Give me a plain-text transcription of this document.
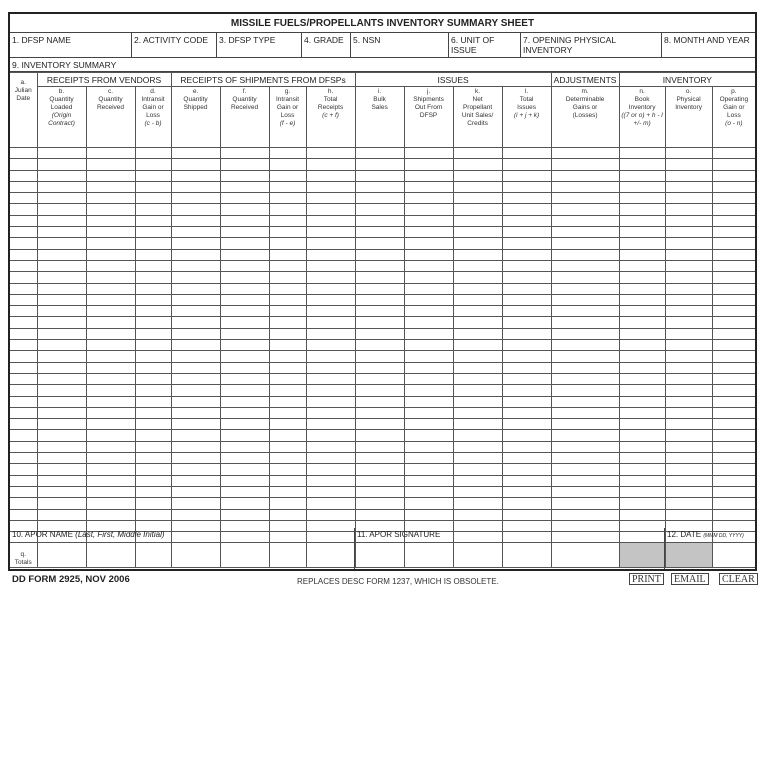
MISSILE FUELS/PROPELLANTS INVENTORY SUMMARY SHEET
1. DFSP NAME	2. ACTIVITY CODE	3. DFSP TYPE	4. GRADE	5. NSN	6. UNIT OF ISSUE
7. OPENING PHYSICAL INVENTORY
8. MONTH AND YEAR
9. INVENTORY SUMMARY
a.
Julian
Date	RECEIPTS FROM VENDORS			RECEIPTS OF SHIPMENTS FROM DFSPs				ISSUES				ADJUSTMENTS	INVENTORY		

	b.
Quantity
Loaded
(Origin Contract)	c.
Quantity
Received	d.
Intransit
Gain or
Loss
(c - b)	e.
Quantity
Shipped	f.
Quantity
Received	g.
Intransit
Gain or
Loss
(f - e)	h.
Total
Receipts
(c + f)	i.
Bulk
Sales	j.
Shipments
Out From
DFSP	k.
Net
Propellant
Unit Sales/
Credits	l.
Total
Issues
(i + j + k)	m.
Determinable
Gains or
(Losses)	n.
Book
Inventory
((7 or o) + h - l +/- m)	o.
Physical
Inventory	p.
Operating
Gain or
Loss
(o - n)

q.
Totals															

10. APOR NAME (Last, First, Middle Initial)	11. APOR SIGNATURE	12. DATE (MMM DD, YYYY)
DD FORM 2925, NOV 2006	REPLACES DESC FORM 1237, WHICH IS OBSOLETE.	PRINT	EMAIL	CLEAR
